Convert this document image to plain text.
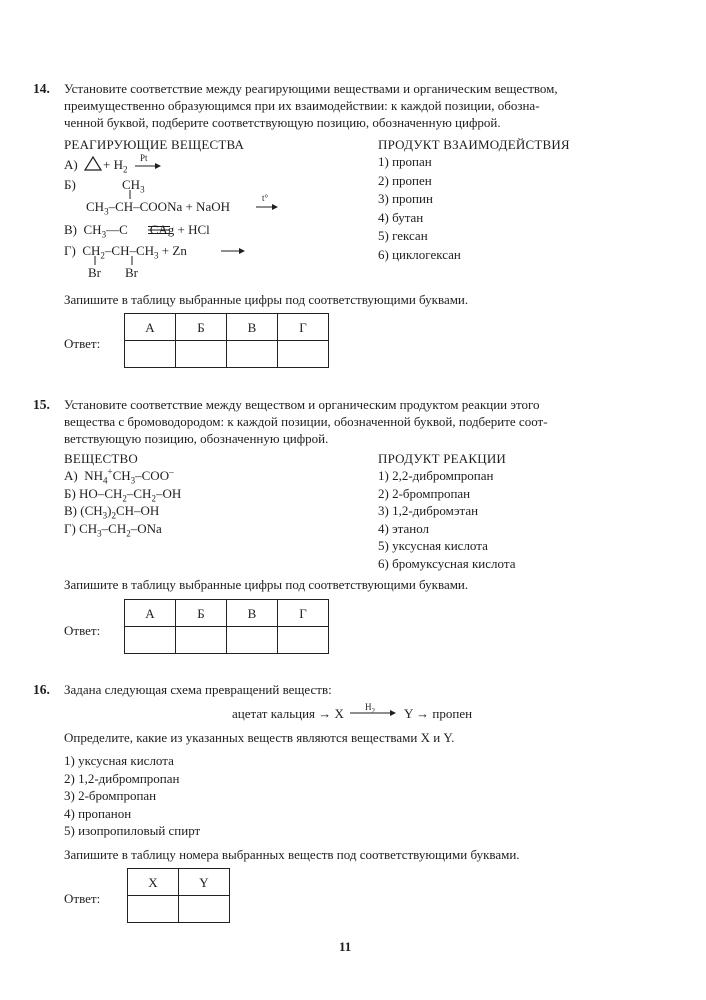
14. Установите соответствие между реагирующими веществами и органическим веществом,
преимущественно образующимся при их взаимодействии: к каждой позиции, обозна-
ченной буквой, подберите соответствующую позицию, обозначенную цифрой.
РЕАГИРУЮЩИЕ ВЕЩЕСТВА	ПРОДУКТ ВЗАИМОДЕЙСТВИЯ
$А) + H_2$
Pt
Б)	$CH_3$
$CH_3-CH$–COONa + NaOH
t°
В) $CH_3—C$ CAg + HCl
Г) $CH_2-CH-CH_3 + Zn$
Br Br
1) пропан
2) пропен
3) пропин
4) бутан
5) гексан
6) циклогексан
Запишите в таблицу выбранные цифры под соответствующими буквами.
Ответ:
А	Б	В	Г

15. Установите соответствие между веществом и органическим продуктом реакции этого
вещества с бромоводородом: к каждой позиции, обозначенной буквой, подберите соот-
ветствующую позицию, обозначенную цифрой.
ВЕЩЕСТВО	ПРОДУКТ РЕАКЦИИ
А) $NH_4^+CH_3-COO^-$
Б) $HO-CH_2-CH_2-OH$
В) $(CH_3)_2CH-OH$
Г) $CH_3-CH_2$–ONa
1) 2,2-дибромпропан
2) 2-бромпропан
3) 1,2-дибромэтан
4) этанол
5) уксусная кислота
6) бромуксусная кислота
Запишите в таблицу выбранные цифры под соответствующими буквами.
Ответ:
А	Б	В	Г

16. Задана следующая схема превращений веществ:
ацетат кальция → X $H_2$ Y → пропен
Определите, какие из указанных веществ являются веществами X и Y.
1) уксусная кислота
2) 1,2-дибромпропан
3) 2-бромпропан
4) пропанон
5) изопропиловый спирт
Запишите в таблицу номера выбранных веществ под соответствующими буквами.
Ответ:
X	Y

11
